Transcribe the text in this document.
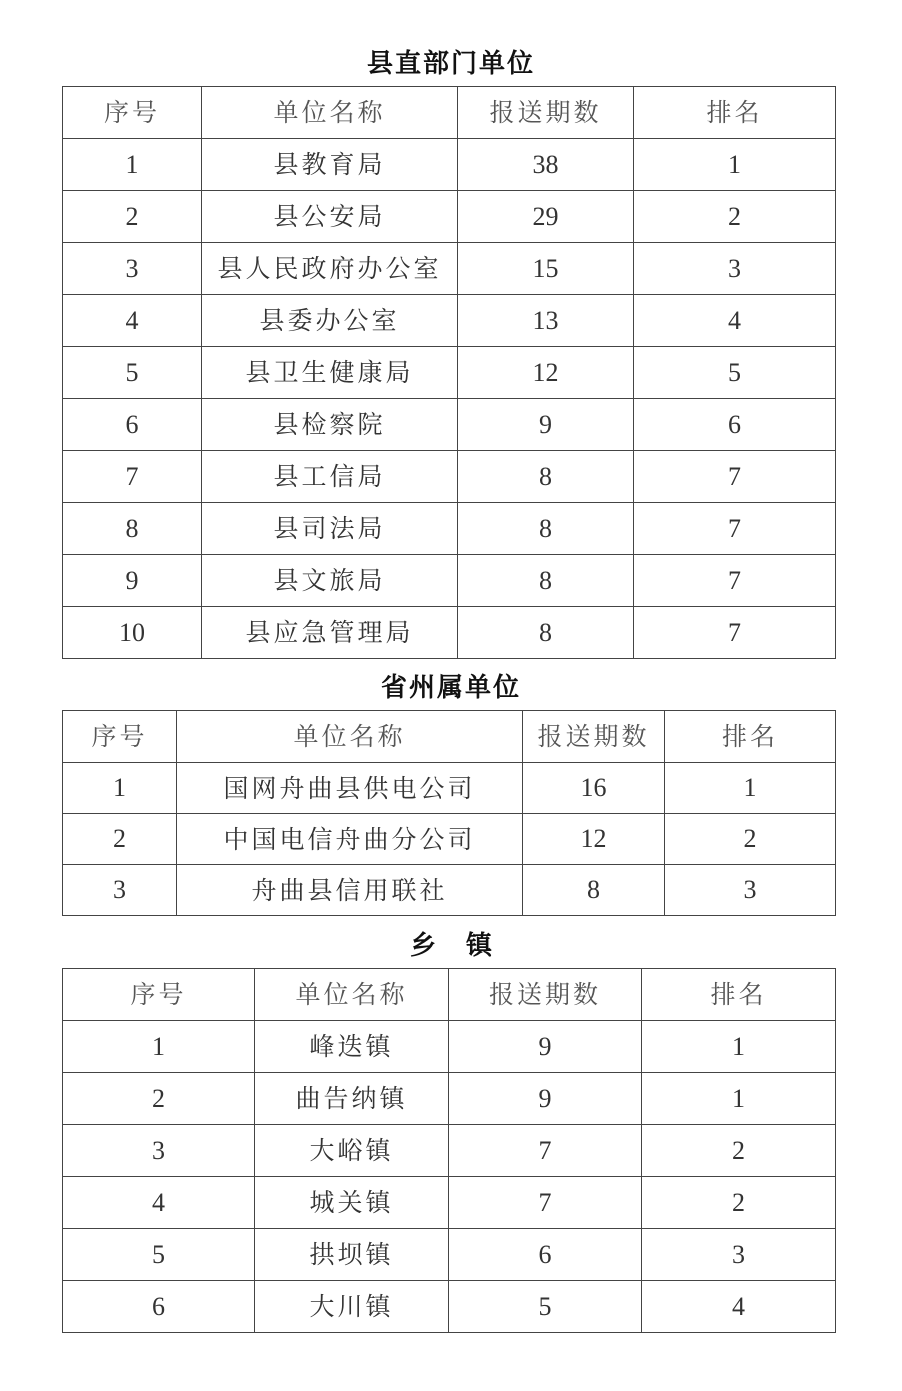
县直部门单位
序号	单位名称	报送期数	排名
1	县教育局	38	1
2	县公安局	29	2
3	县人民政府办公室	15	3
4	县委办公室	13	4
5	县卫生健康局	12	5
6	县检察院	9	6
7	县工信局	8	7
8	县司法局	8	7
9	县文旅局	8	7
10	县应急管理局	8	7
省州属单位
序号	单位名称	报送期数	排名
1	国网舟曲县供电公司	16	1
2	中国电信舟曲分公司	12	2
3	舟曲县信用联社	8	3
乡镇
序号	单位名称	报送期数	排名
1	峰迭镇	9	1
2	曲告纳镇	9	1
3	大峪镇	7	2
4	城关镇	7	2
5	拱坝镇	6	3
6	大川镇	5	4
